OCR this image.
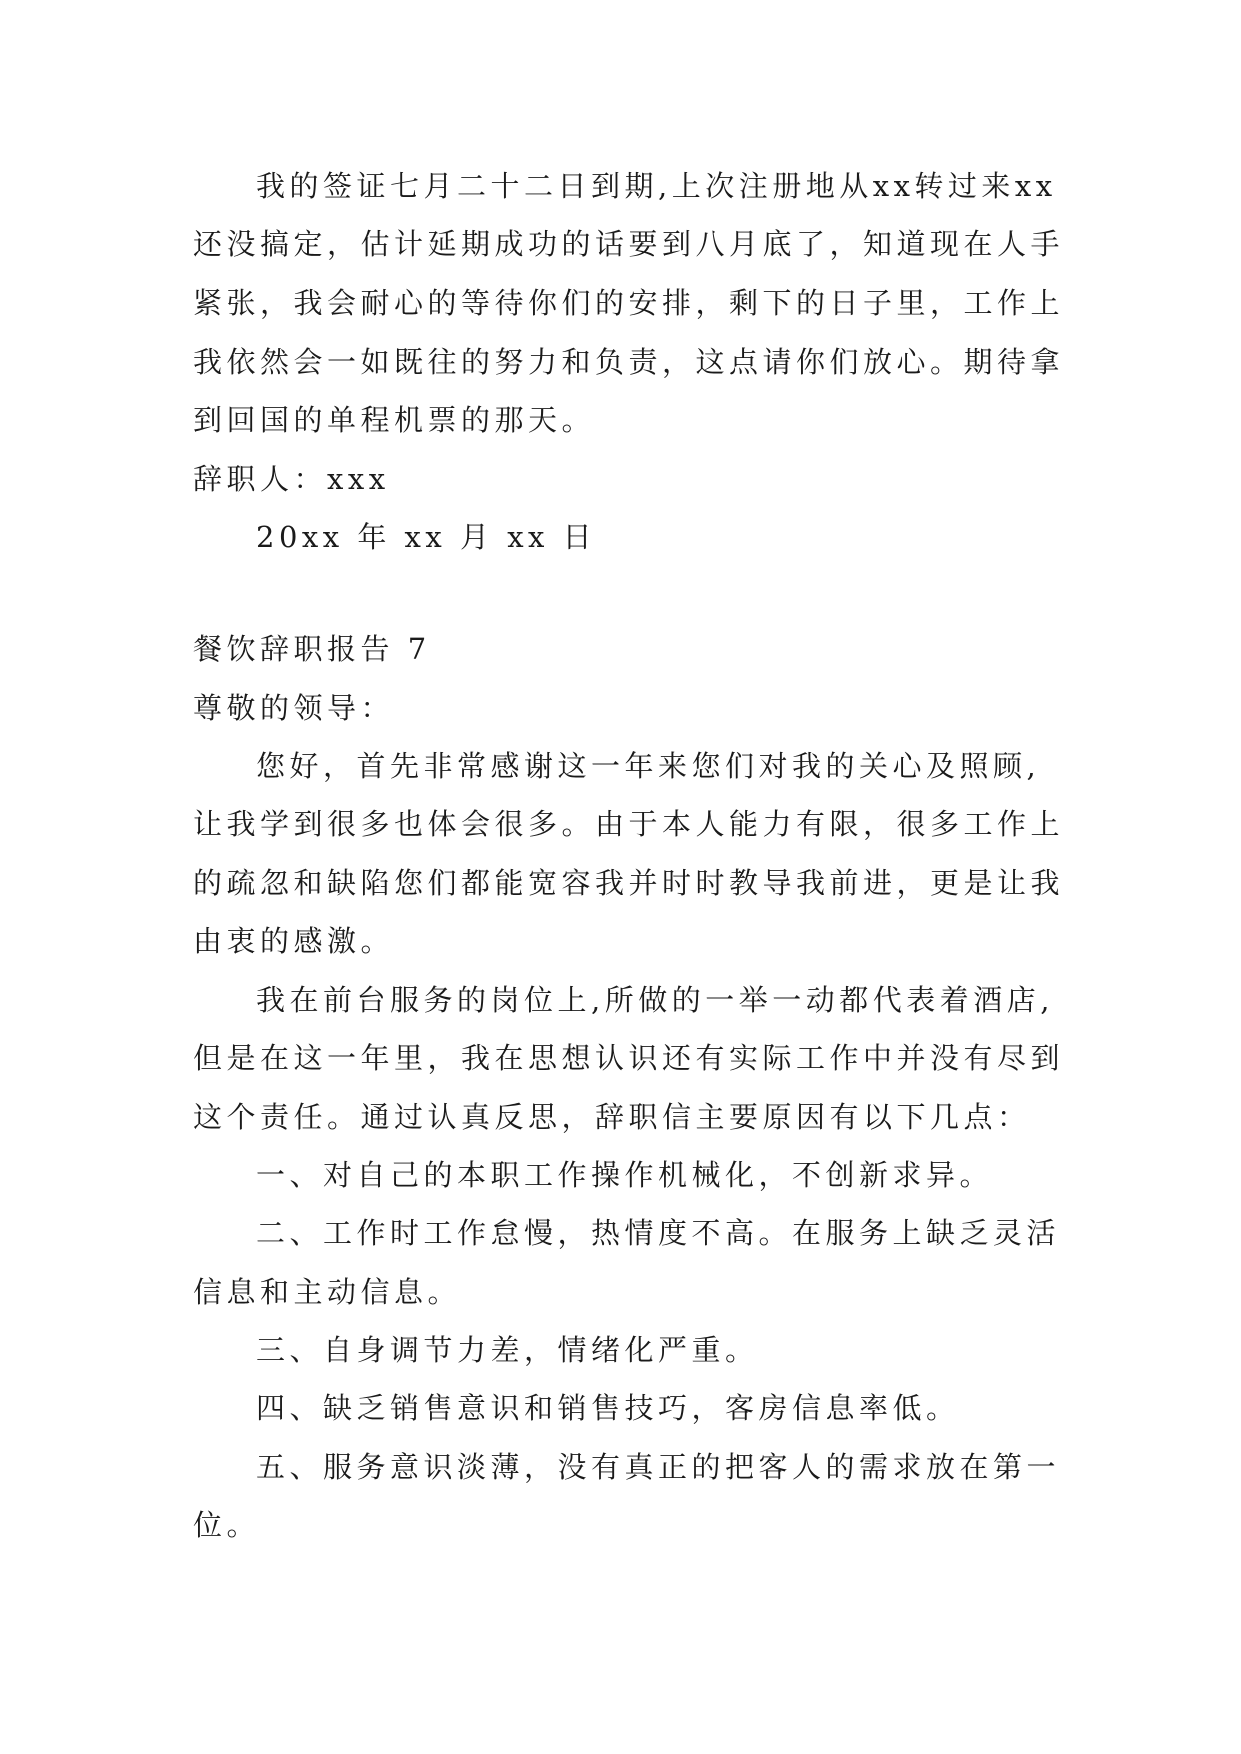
我的签证七月二十二日到期,上次注册地从xx转过来xx
还没搞定，估计延期成功的话要到八月底了，知道现在人手
紧张，我会耐心的等待你们的安排，剩下的日子里，工作上
我依然会一如既往的努力和负责，这点请你们放心。期待拿
到回国的单程机票的那天。
辞职人：xxx
20xx 年 xx 月 xx 日
餐饮辞职报告 7
尊敬的领导：
您好，首先非常感谢这一年来您们对我的关心及照顾,
让我学到很多也体会很多。由于本人能力有限，很多工作上
的疏忽和缺陷您们都能宽容我并时时教导我前进，更是让我
由衷的感激。
我在前台服务的岗位上,所做的一举一动都代表着酒店,
但是在这一年里，我在思想认识还有实际工作中并没有尽到
这个责任。通过认真反思，辞职信主要原因有以下几点：
一、对自己的本职工作操作机械化，不创新求异。
二、工作时工作怠慢，热情度不高。在服务上缺乏灵活
信息和主动信息。
三、自身调节力差，情绪化严重。
四、缺乏销售意识和销售技巧，客房信息率低。
五、服务意识淡薄，没有真正的把客人的需求放在第一
位。
